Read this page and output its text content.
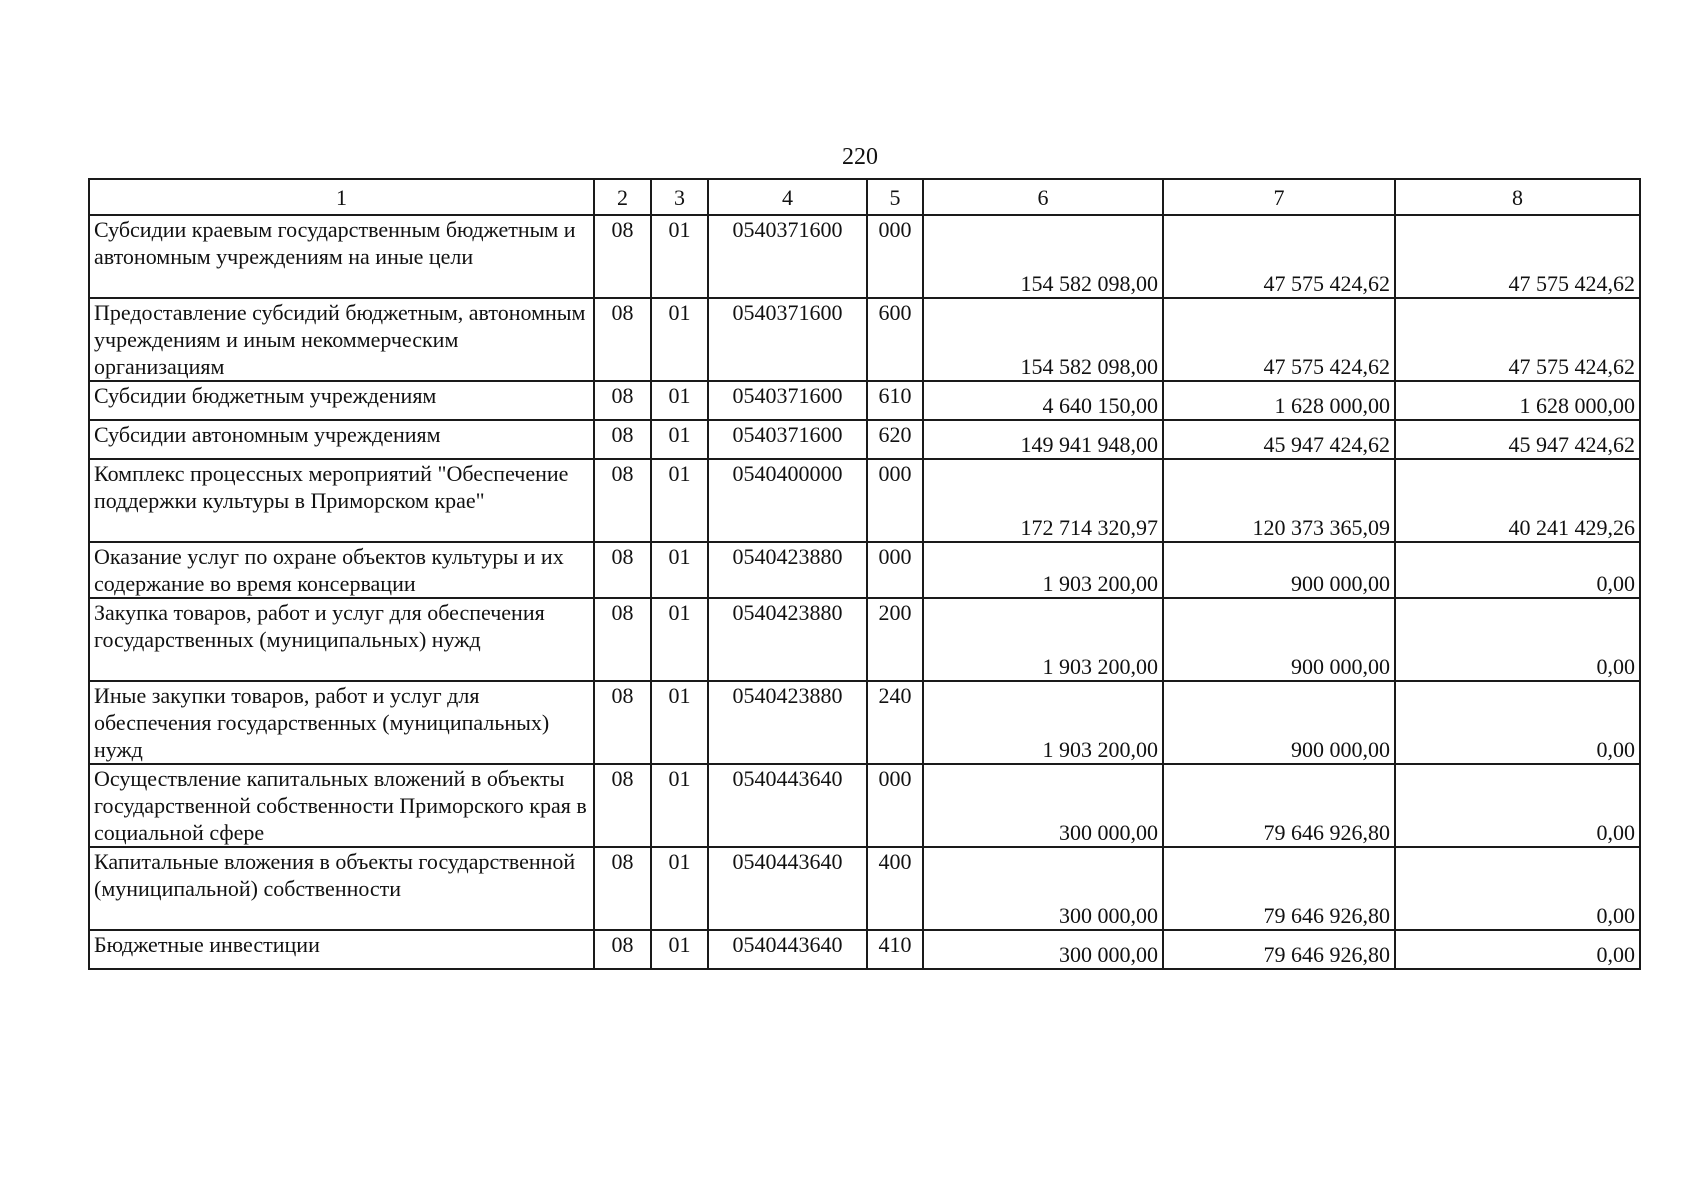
220
1	2	3	4	5	6	7	8
Субсидии краевым государственным бюджетным и автономным учреждениям на иные цели	08	01	0540371600	000	154 582 098,00	47 575 424,62	47 575 424,62
Предоставление субсидий бюджетным, автономным учреждениям и иным некоммерческим организациям	08	01	0540371600	600	154 582 098,00	47 575 424,62	47 575 424,62
Субсидии бюджетным учреждениям	08	01	0540371600	610	4 640 150,00	1 628 000,00	1 628 000,00
Субсидии автономным учреждениям	08	01	0540371600	620	149 941 948,00	45 947 424,62	45 947 424,62
Комплекс процессных мероприятий "Обеспечение поддержки культуры в Приморском крае"	08	01	0540400000	000	172 714 320,97	120 373 365,09	40 241 429,26
Оказание услуг по охране объектов культуры и их содержание во время консервации	08	01	0540423880	000	1 903 200,00	900 000,00	0,00
Закупка товаров, работ и услуг для обеспечения государственных (муниципальных) нужд	08	01	0540423880	200	1 903 200,00	900 000,00	0,00
Иные закупки товаров, работ и услуг для обеспечения государственных (муниципальных) нужд	08	01	0540423880	240	1 903 200,00	900 000,00	0,00
Осуществление капитальных вложений в объекты государственной собственности Приморского края в социальной сфере	08	01	0540443640	000	300 000,00	79 646 926,80	0,00
Капитальные вложения в объекты государственной (муниципальной) собственности	08	01	0540443640	400	300 000,00	79 646 926,80	0,00
Бюджетные инвестиции	08	01	0540443640	410	300 000,00	79 646 926,80	0,00
